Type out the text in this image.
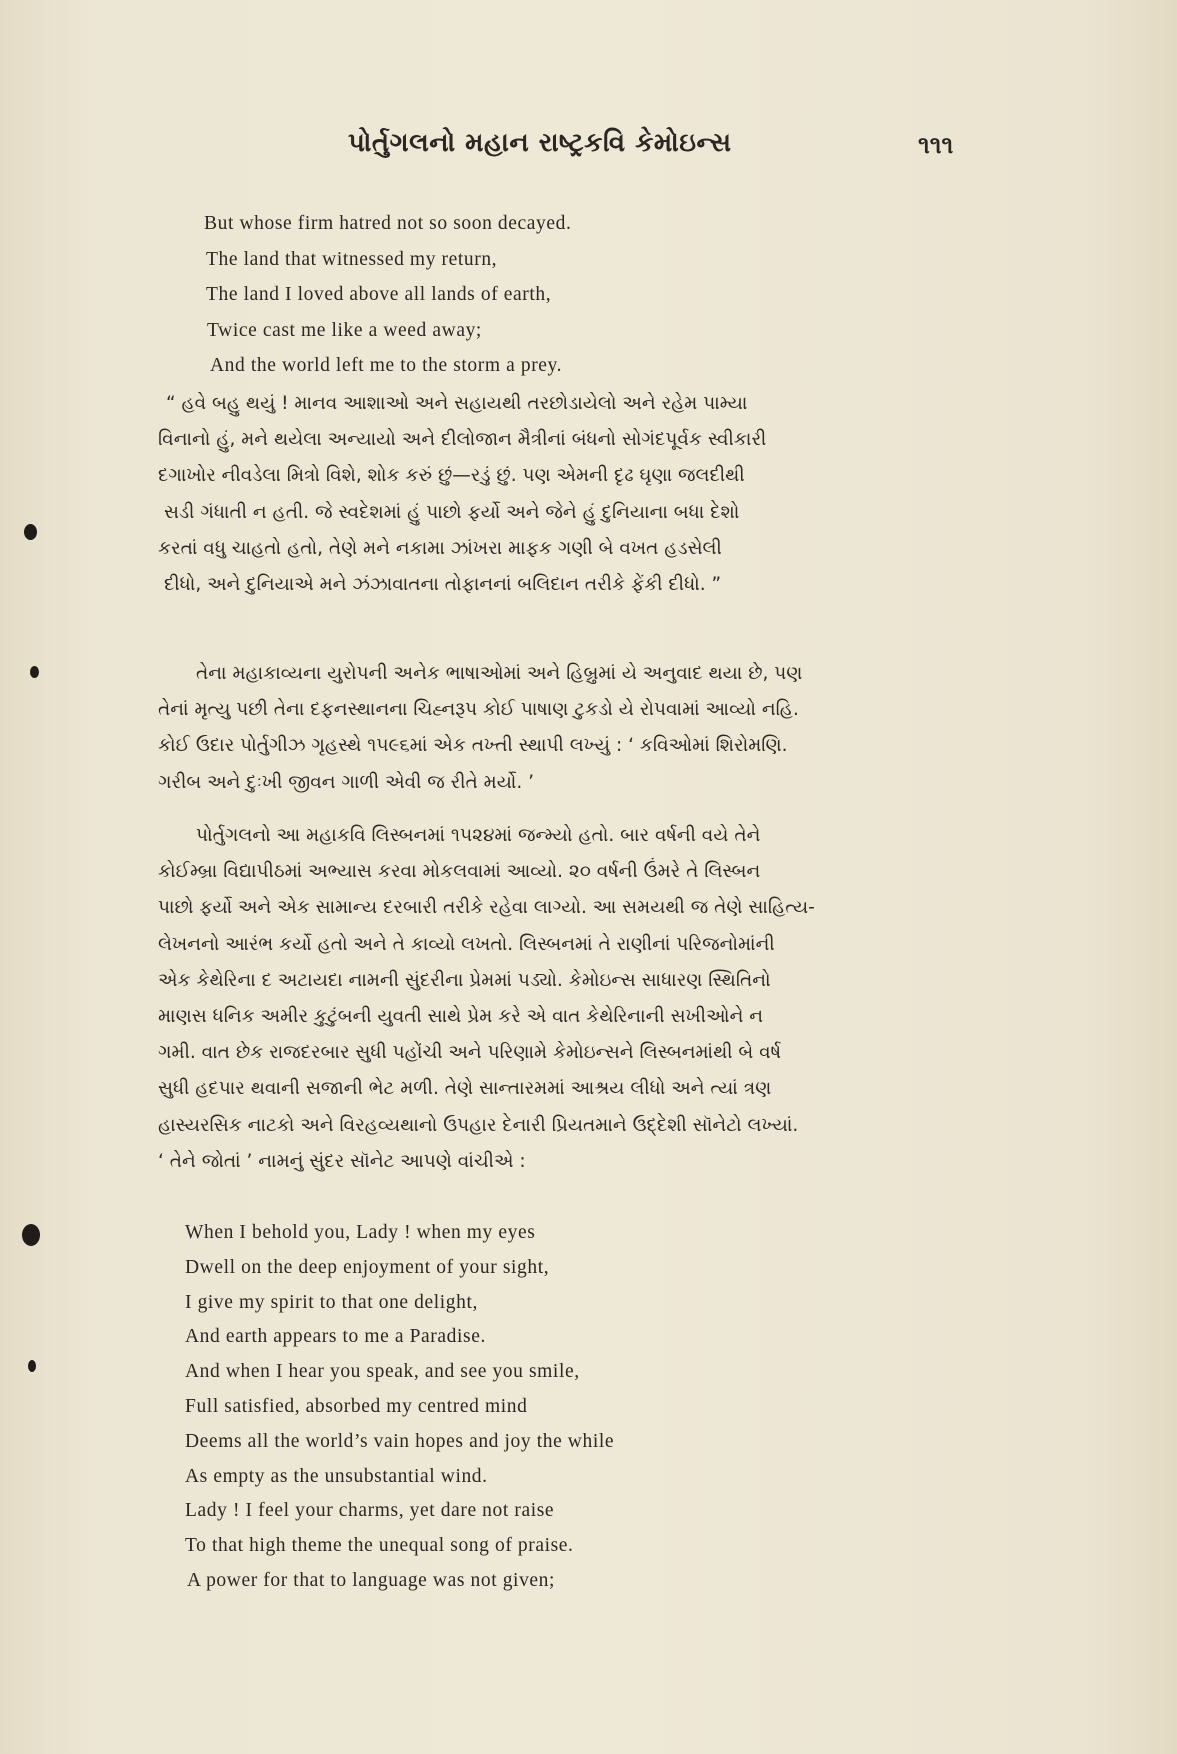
પોર્તુગલનો મહાન રાષ્ટ્રકવિ કેમોઇન્સ	૧૧૧
But whose firm hatred not so soon decayed.
The land that witnessed my return,
The land I loved above all lands of earth,
Twice cast me like a weed away;
And the world left me to the storm a prey.
“ હવે બહુ થયું ! માનવ આશાઓ અને સહાયથી તરછોડાયેલો અને રહેમ પામ્યા
વિનાનો હું, મને થયેલા અન્યાયો અને દીલોજાન મૈત્રીનાં બંધનો સોગંદપૂર્વક સ્વીકારી
દગાખોર નીવડેલા મિત્રો વિશે, શોક કરું છું—રડું છું. પણ એમની દૃઢ ઘૃણા જલદીથી
સડી ગંધાતી ન હતી. જે સ્વદેશમાં હું પાછો ફર્યો અને જેને હું દુનિયાના બધા દેશો
કરતાં વધુ ચાહતો હતો, તેણે મને નકામા ઝાંખરા માફક ગણી બે વખત હડસેલી
દીધો, અને દુનિયાએ મને ઝંઝાવાતના તોફાનનાં બલિદાન તરીકે ફેંકી દીધો. ”
તેના મહાકાવ્યના યુરોપની અનેક ભાષાઓમાં અને હિબ્રુમાં યે અનુવાદ થયા છે, પણ
તેનાં મૃત્યુ પછી તેના દફનસ્થાનના ચિહ્નરૂપ કોઈ પાષાણ ટુકડો યે રોપવામાં આવ્યો નહિ.
કોઈ ઉદાર પોર્તુગીઝ ગૃહસ્થે ૧૫૯૬માં એક તખ્તી સ્થાપી લખ્યું : ‘ કવિઓમાં શિરોમણિ.
ગરીબ અને દુઃખી જીવન ગાળી એવી જ રીતે મર્યો. ’
પોર્તુગલનો આ મહાકવિ લિસ્બનમાં ૧૫૨૪માં જન્મ્યો હતો. બાર વર્ષની વયે તેને
કોઈમ્બ્રા વિદ્યાપીઠમાં અભ્યાસ કરવા મોકલવામાં આવ્યો. ૨૦ વર્ષની ઉંમરે તે લિસ્બન
પાછો ફર્યો અને એક સામાન્ય દરબારી તરીકે રહેવા લાગ્યો. આ સમયથી જ તેણે સાહિત્ય-
લેખનનો આરંભ કર્યો હતો અને તે કાવ્યો લખતો. લિસ્બનમાં તે રાણીનાં પરિજનોમાંની
એક કેથેરિના દ અટાયદા નામની સુંદરીના પ્રેમમાં પડ્યો. કેમોઇન્સ સાધારણ સ્થિતિનો
માણસ ધનિક અમીર કુટુંબની યુવતી સાથે પ્રેમ કરે એ વાત કેથેરિનાની સખીઓને ન
ગમી. વાત છેક રાજદરબાર સુધી પહોંચી અને પરિણામે કેમોઇન્સને લિસ્બનમાંથી બે વર્ષ
સુધી હદપાર થવાની સજાની ભેટ મળી. તેણે સાન્તારમમાં આશ્રય લીધો અને ત્યાં ત્રણ
હાસ્યરસિક નાટકો અને વિરહવ્યથાનો ઉપહાર દેનારી પ્રિયતમાને ઉદ્દેશી સૉનેટો લખ્યાં.
‘ તેને જોતાં ’ નામનું સુંદર સૉનેટ આપણે વાંચીએ :
When I behold you, Lady ! when my eyes
Dwell on the deep enjoyment of your sight,
I give my spirit to that one delight,
And earth appears to me a Paradise.
And when I hear you speak, and see you smile,
Full satisfied, absorbed my centred mind
Deems all the world’s vain hopes and joy the while
As empty as the unsubstantial wind.
Lady ! I feel your charms, yet dare not raise
To that high theme the unequal song of praise.
A power for that to language was not given;
